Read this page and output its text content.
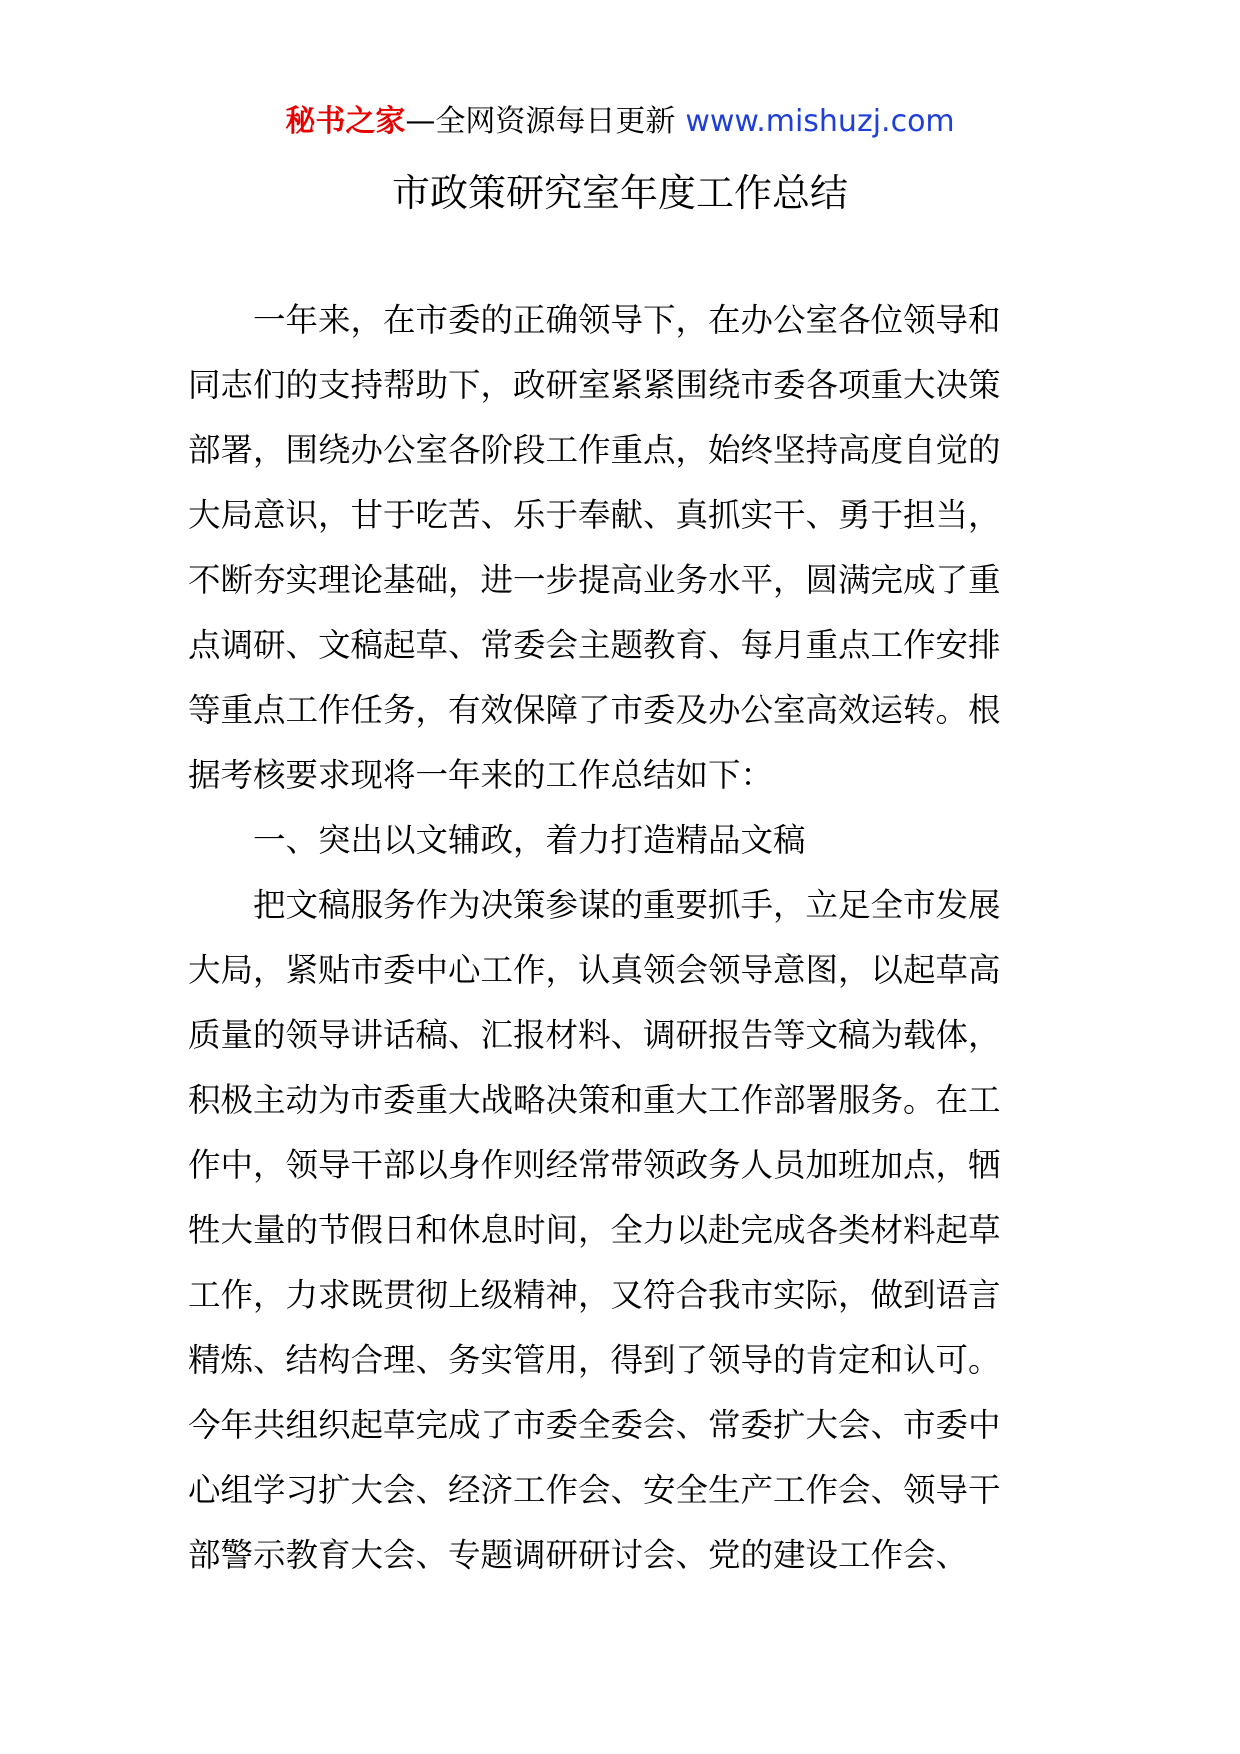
秘书之家—全网资源每日更新 www.mishuzj.com
市政策研究室年度工作总结
一年来，在市委的正确领导下，在办公室各位领导和
同志们的支持帮助下，政研室紧紧围绕市委各项重大决策
部署，围绕办公室各阶段工作重点，始终坚持高度自觉的
大局意识，甘于吃苦、乐于奉献、真抓实干、勇于担当，
不断夯实理论基础，进一步提高业务水平，圆满完成了重
点调研、文稿起草、常委会主题教育、每月重点工作安排
等重点工作任务，有效保障了市委及办公室高效运转。根
据考核要求现将一年来的工作总结如下：
一、突出以文辅政，着力打造精品文稿
把文稿服务作为决策参谋的重要抓手，立足全市发展
大局，紧贴市委中心工作，认真领会领导意图，以起草高
质量的领导讲话稿、汇报材料、调研报告等文稿为载体，
积极主动为市委重大战略决策和重大工作部署服务。在工
作中，领导干部以身作则经常带领政务人员加班加点，牺
牲大量的节假日和休息时间，全力以赴完成各类材料起草
工作，力求既贯彻上级精神，又符合我市实际，做到语言
精炼、结构合理、务实管用，得到了领导的肯定和认可。
今年共组织起草完成了市委全委会、常委扩大会、市委中
心组学习扩大会、经济工作会、安全生产工作会、领导干
部警示教育大会、专题调研研讨会、党的建设工作会、
